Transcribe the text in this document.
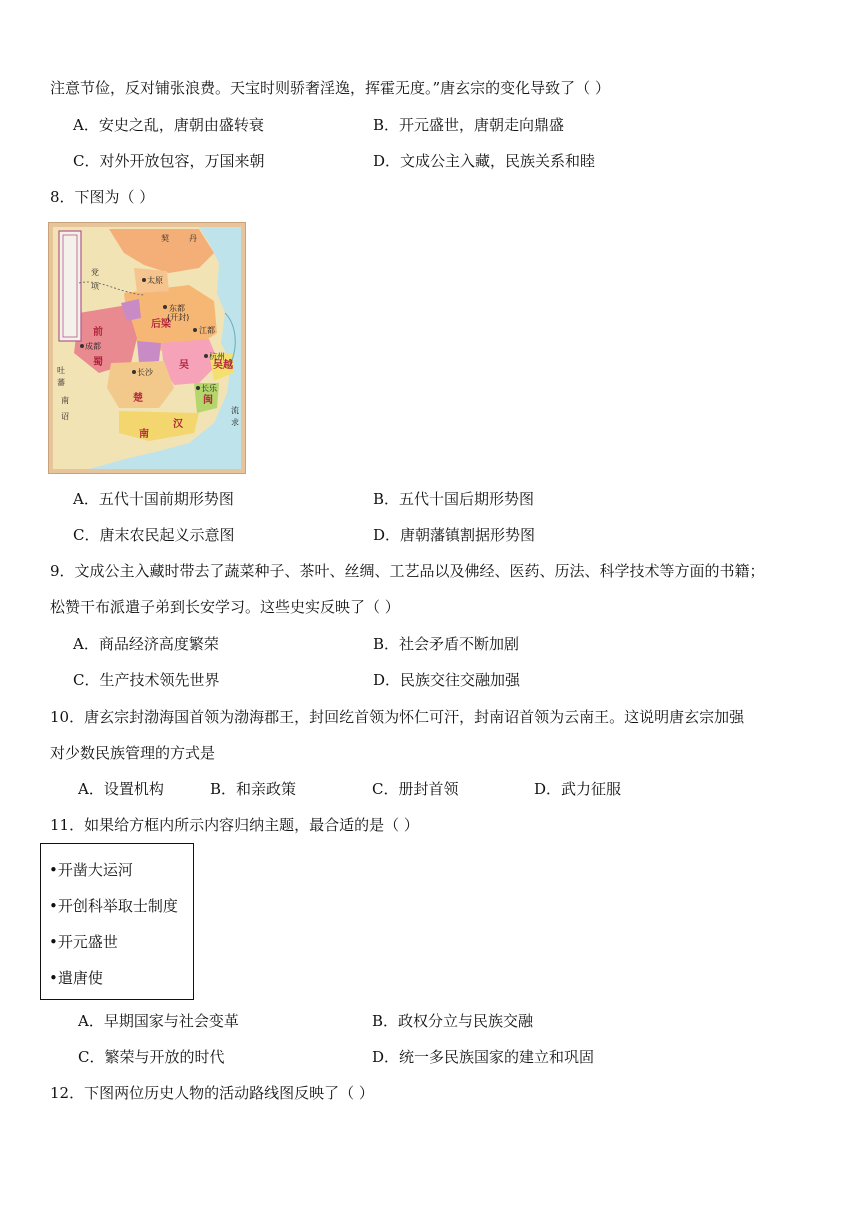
注意节俭，反对铺张浪费。天宝时则骄奢淫逸，挥霍无度。”唐玄宗的变化导致了（ ）
A．安史之乱，唐朝由盛转衰	B．开元盛世，唐朝走向鼎盛
C．对外开放包容，万国来朝	D．文成公主入藏，民族关系和睦
8．下图为（ ）
契	丹
党
项
后梁
东都
(开封)
太原
江都
前
蜀
成都
吴
楚
长沙
吴越
杭州
闽
长乐
南
汉
吐
蕃
南
诏
流
求
A．五代十国前期形势图	B．五代十国后期形势图
C．唐末农民起义示意图	D．唐朝藩镇割据形势图
9．文成公主入藏时带去了蔬菜种子、茶叶、丝绸、工艺品以及佛经、医药、历法、科学技术等方面的书籍；
松赞干布派遣子弟到长安学习。这些史实反映了（ ）
A．商品经济高度繁荣	B．社会矛盾不断加剧
C．生产技术领先世界	D．民族交往交融加强
10．唐玄宗封渤海国首领为渤海郡王，封回纥首领为怀仁可汗，封南诏首领为云南王。这说明唐玄宗加强
对少数民族管理的方式是
A．设置机构	B．和亲政策	C．册封首领	D．武力征服
11．如果给方框内所示内容归纳主题，最合适的是（ ）
•开凿大运河
•开创科举取士制度
•开元盛世
•遣唐使
A．早期国家与社会变革	B．政权分立与民族交融
C．繁荣与开放的时代	D．统一多民族国家的建立和巩固
12．下图两位历史人物的活动路线图反映了（ ）
